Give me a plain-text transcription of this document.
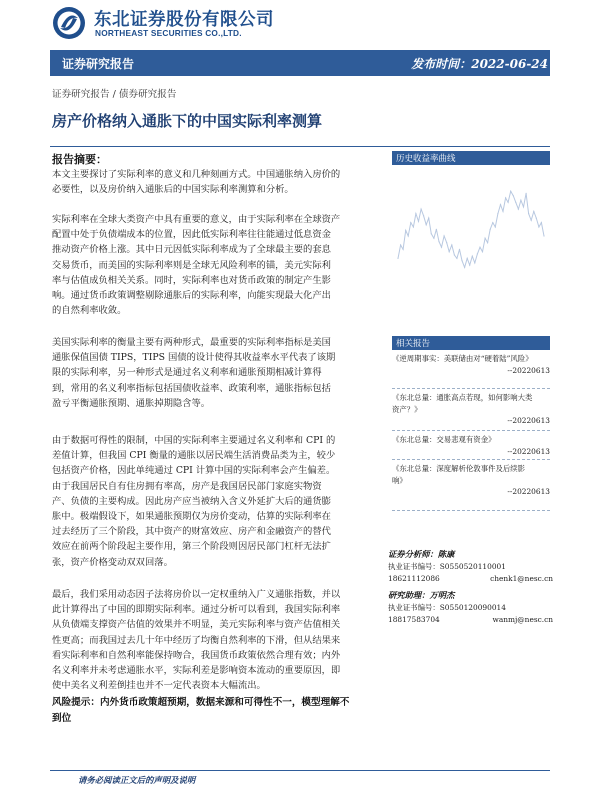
东北证券股份有限公司
NORTHEAST SECURITIES CO.,LTD.
证券研究报告	发布时间：2022-06-24
证券研究报告 / 债券研究报告
房产价格纳入通胀下的中国实际利率测算
报告摘要：
本文主要探讨了实际利率的意义和几种刻画方式。中国通胀纳入房价的
必要性，以及房价纳入通胀后的中国实际利率测算和分析。
实际利率在全球大类资产中具有重要的意义，由于实际利率在全球资产
配置中处于负债端成本的位置，因此低实际利率往往能通过低息资金
推动资产价格上涨。其中日元因低实际利率成为了全球最主要的套息
交易货币，而美国的实际利率则是全球无风险利率的锚，美元实际利
率与估值成负相关关系。同时，实际利率也对货币政策的制定产生影
响。通过货币政策调整剔除通胀后的实际利率，向能实现最大化产出
的自然利率收敛。
美国实际利率的衡量主要有两种形式，最重要的实际利率指标是美国
通胀保值国债 TIPS，TIPS 国债的设计使得其收益率水平代表了该期
限的实际利率，另一种形式是通过名义利率和通胀预期相减计算得
到，常用的名义利率指标包括国债收益率、政策利率，通胀指标包括
盈亏平衡通胀预期、通胀掉期隐含等。
由于数据可得性的限制，中国的实际利率主要通过名义利率和 CPI 的
差值计算，但我国 CPI 衡量的通胀以居民端生活消费品类为主，较少
包括资产价格，因此单纯通过 CPI 计算中国的实际利率会产生偏差。
由于我国居民自有住房拥有率高，房产是我国居民部门家庭实物资
产、负债的主要构成。因此房产应当被纳入含义外延扩大后的通货膨
胀中。极端假设下，如果通胀预期仅为房价变动，估算的实际利率在
过去经历了三个阶段，其中资产的财富效应、房产和金融资产的替代
效应在前两个阶段起主要作用，第三个阶段则因居民部门杠杆无法扩
张，资产价格变动双双回落。
最后，我们采用动态因子法将房价以一定权重纳入广义通胀指数，并以
此计算得出了中国的即期实际利率。通过分析可以看到，我国实际利率
从负债端支撑资产估值的效果并不明显，美元实际利率与资产估值相关
性更高；而我国过去几十年中经历了均衡自然利率的下滑，但从结果来
看实际利率和自然利率能保持吻合，我国货币政策依然合理有效；内外
名义利率并未考虑通胀水平，实际利差是影响资本流动的重要原因，即
使中美名义利差倒挂也并不一定代表资本大幅流出。
风险提示：内外货币政策超预期，数据来源和可得性不一，模型理解不
到位
历史收益率曲线
相关报告
《逆周期事实：美联储由对“硬着陆”风险》
--20220613
《东北总量：通胀高点若现，如何影响大类
资产？》
--20220613
《东北总量：交易悲观有资金》
--20220613
《东北总量：深度解析伦敦事件及后续影
响》
--20220613
证券分析师：陈康
执业证书编号：S0550520110001
18621112086	chenk1@nesc.cn
研究助理：万明杰
执业证书编号：S0550120090014
18817583704	wanmj@nesc.cn
请务必阅读正文后的声明及说明
